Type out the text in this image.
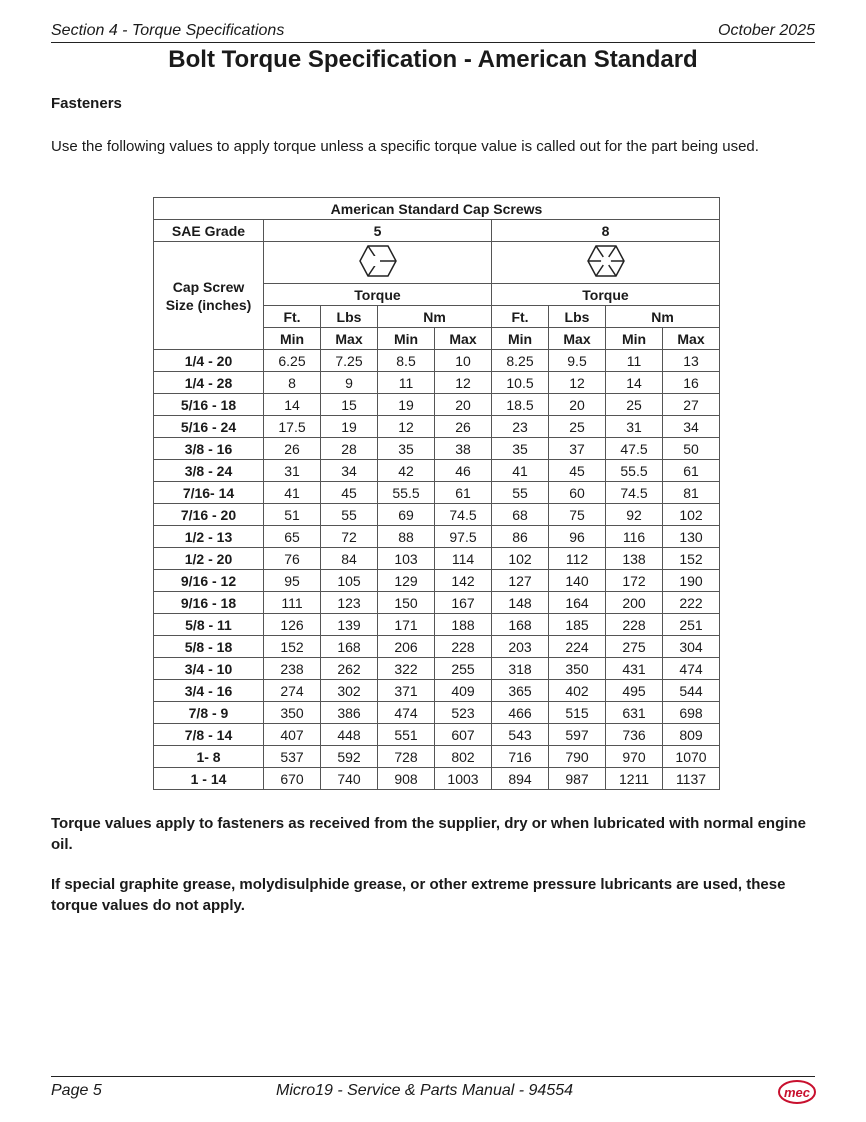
Section 4 - Torque Specifications	October 2025
Bolt Torque Specification - American Standard
Fasteners
Use the following values to apply torque unless a specific torque value is called out for the part being used.
American Standard Cap Screws								
SAE Grade	5				8			
Cap Screw Size (inches)		
	Torque				Torque			
	Ft.	Lbs	Nm		Ft.	Lbs	Nm	
	Min	Max	Min	Max	Min	Max	Min	Max
1/4 - 20	6.25	7.25	8.5	10	8.25	9.5	11	13
1/4 - 28	8	9	11	12	10.5	12	14	16
5/16 - 18	14	15	19	20	18.5	20	25	27
5/16 - 24	17.5	19	12	26	23	25	31	34
3/8 - 16	26	28	35	38	35	37	47.5	50
3/8 - 24	31	34	42	46	41	45	55.5	61
7/16- 14	41	45	55.5	61	55	60	74.5	81
7/16 - 20	51	55	69	74.5	68	75	92	102
1/2 - 13	65	72	88	97.5	86	96	116	130
1/2 - 20	76	84	103	114	102	112	138	152
9/16 - 12	95	105	129	142	127	140	172	190
9/16 - 18	111	123	150	167	148	164	200	222
5/8 - 11	126	139	171	188	168	185	228	251
5/8 - 18	152	168	206	228	203	224	275	304
3/4 - 10	238	262	322	255	318	350	431	474
3/4 - 16	274	302	371	409	365	402	495	544
7/8 - 9	350	386	474	523	466	515	631	698
7/8 - 14	407	448	551	607	543	597	736	809
1- 8	537	592	728	802	716	790	970	1070
1 - 14	670	740	908	1003	894	987	1211	1137
Torque values apply to fasteners as received from the supplier, dry or when lubricated with normal engine oil.
If special graphite grease, molydisulphide grease, or other extreme pressure lubricants are used, these torque values do not apply.
Page 5	Micro19 - Service & Parts Manual - 94554	mec
